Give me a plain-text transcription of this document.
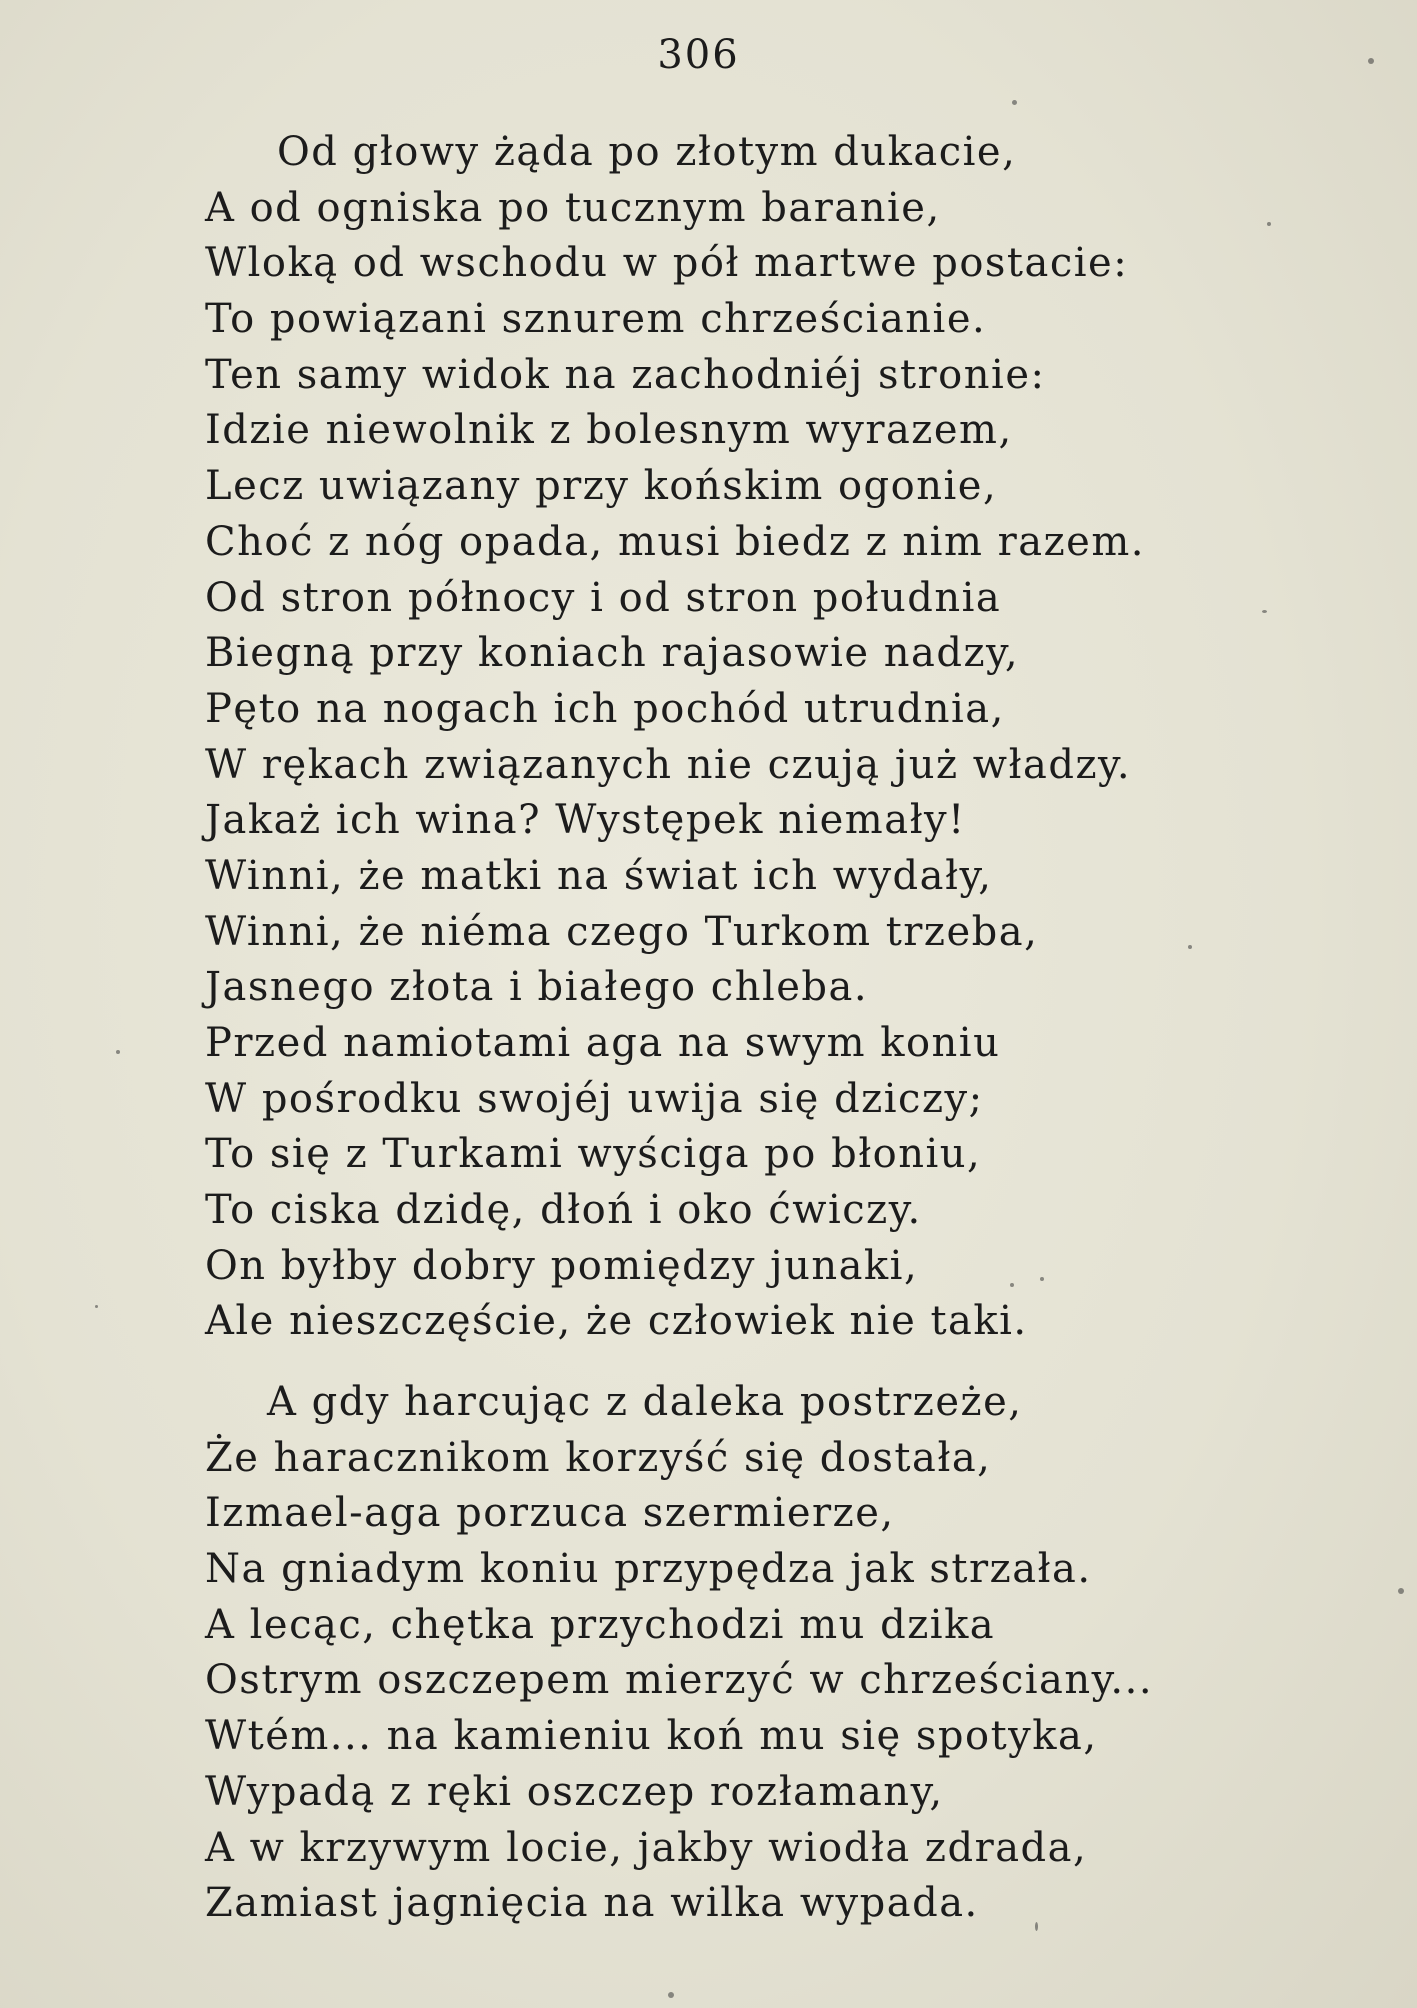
306
Od głowy żąda po złotym dukacie,
A od ogniska po tucznym baranie,
Wloką od wschodu w pół martwe postacie:
To powiązani sznurem chrześcianie.
Ten samy widok na zachodniéj stronie:
Idzie niewolnik z bolesnym wyrazem,
Lecz uwiązany przy końskim ogonie,
Choć z nóg opada, musi biedz z nim razem.
Od stron północy i od stron południa
Biegną przy koniach rajasowie nadzy,
Pęto na nogach ich pochód utrudnia,
W rękach związanych nie czują już władzy.
Jakaż ich wina? Występek niemały!
Winni, że matki na świat ich wydały,
Winni, że niéma czego Turkom trzeba,
Jasnego złota i białego chleba.
Przed namiotami aga na swym koniu
W pośrodku swojéj uwija się dziczy;
To się z Turkami wyściga po błoniu,
To ciska dzidę, dłoń i oko ćwiczy.
On byłby dobry pomiędzy junaki,
Ale nieszczęście, że człowiek nie taki.
A gdy harcując z daleka postrzeże,
Że haracznikom korzyść się dostała,
Izmael-aga porzuca szermierze,
Na gniadym koniu przypędza jak strzała.
A lecąc, chętka przychodzi mu dzika
Ostrym oszczepem mierzyć w chrześciany...
Wtém... na kamieniu koń mu się spotyka,
Wypadą z ręki oszczep rozłamany,
A w krzywym locie, jakby wiodła zdrada,
Zamiast jagnięcia na wilka wypada.
